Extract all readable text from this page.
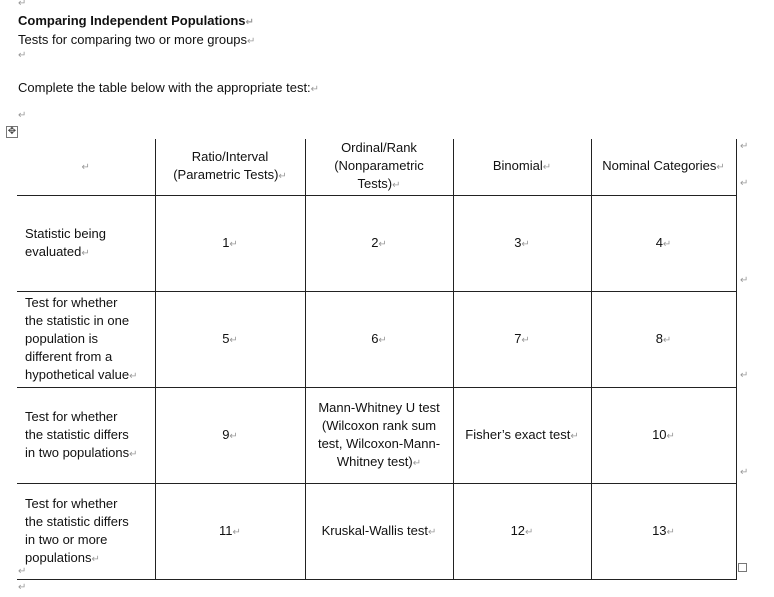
↵
Comparing Independent Populations↵
Tests for comparing two or more groups↵
↵
Complete the table below with the appropriate test:↵
↵
✥
↵	Ratio/Interval
(Parametric Tests)↵	Ordinal/Rank
(Nonparametric Tests)↵	Binomial↵	Nominal Categories↵
Statistic being
evaluated↵	1↵	2↵	3↵	4↵
Test for whether
the statistic in one
population is
different from a
hypothetical value↵	5↵	6↵	7↵	8↵
Test for whether
the statistic differs
in two populations↵	9↵	Mann-Whitney U test
(Wilcoxon rank sum
test, Wilcoxon-Mann-
Whitney test)↵	Fisher’s exact test↵	10↵
Test for whether
the statistic differs
in two or more
populations↵	11↵	Kruskal-Wallis test↵	12↵	13↵
↵
↵
↵
↵
↵
↵
↵
